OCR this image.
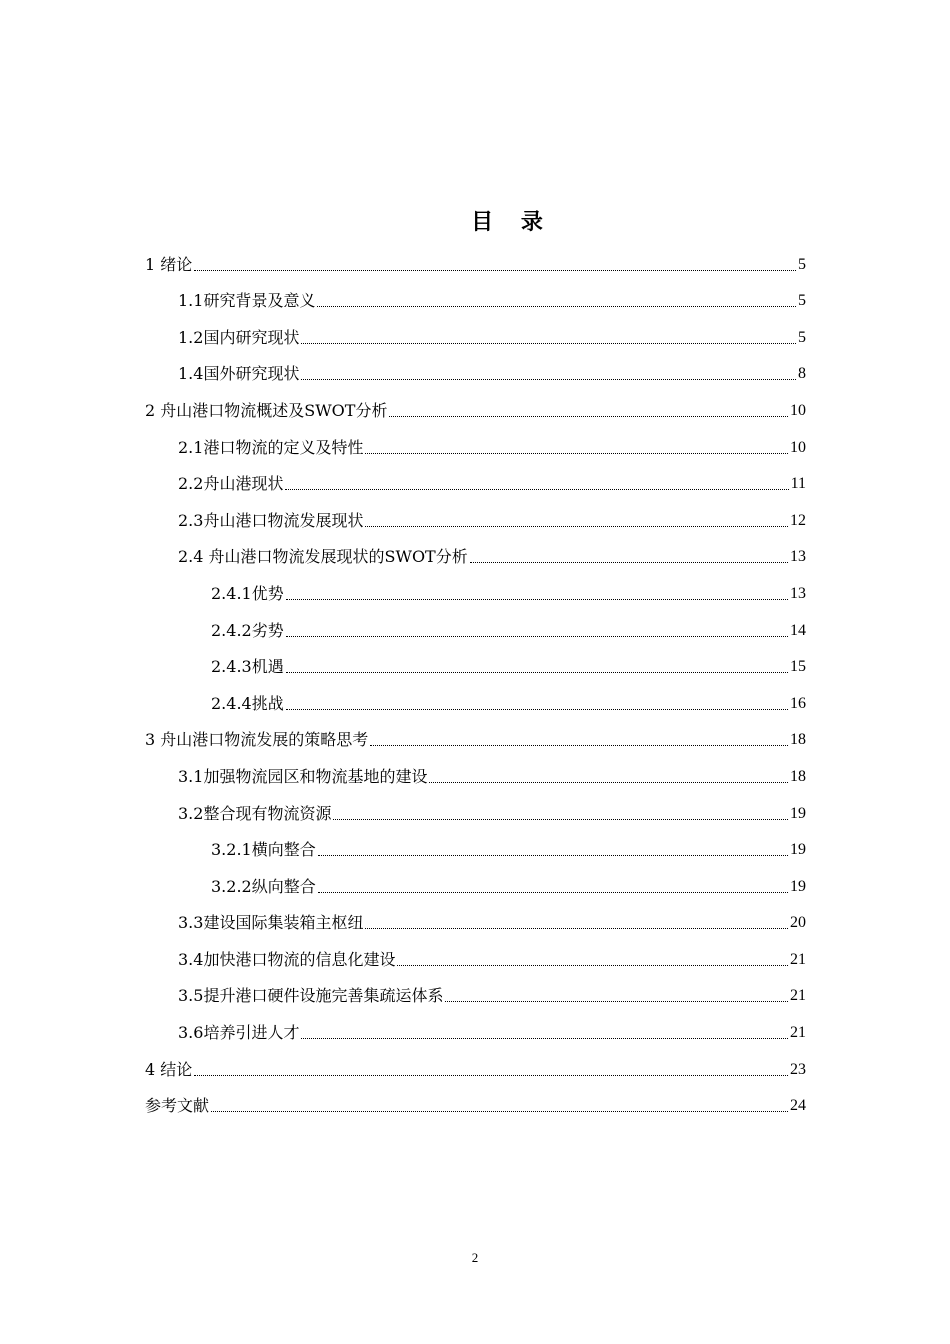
目 录
1 绪论	5
1.1研究背景及意义	5
1.2国内研究现状	5
1.4国外研究现状	8
2 舟山港口物流概述及SWOT分析	10
2.1港口物流的定义及特性	10
2.2舟山港现状	11
2.3舟山港口物流发展现状	12
2.4 舟山港口物流发展现状的SWOT分析	13
2.4.1优势	13
2.4.2劣势	14
2.4.3机遇	15
2.4.4挑战	16
3 舟山港口物流发展的策略思考	18
3.1加强物流园区和物流基地的建设	18
3.2整合现有物流资源	19
3.2.1横向整合	19
3.2.2纵向整合	19
3.3建设国际集装箱主枢纽	20
3.4加快港口物流的信息化建设	21
3.5提升港口硬件设施完善集疏运体系	21
3.6培养引进人才	21
4 结论	23
参考文献	24
2
